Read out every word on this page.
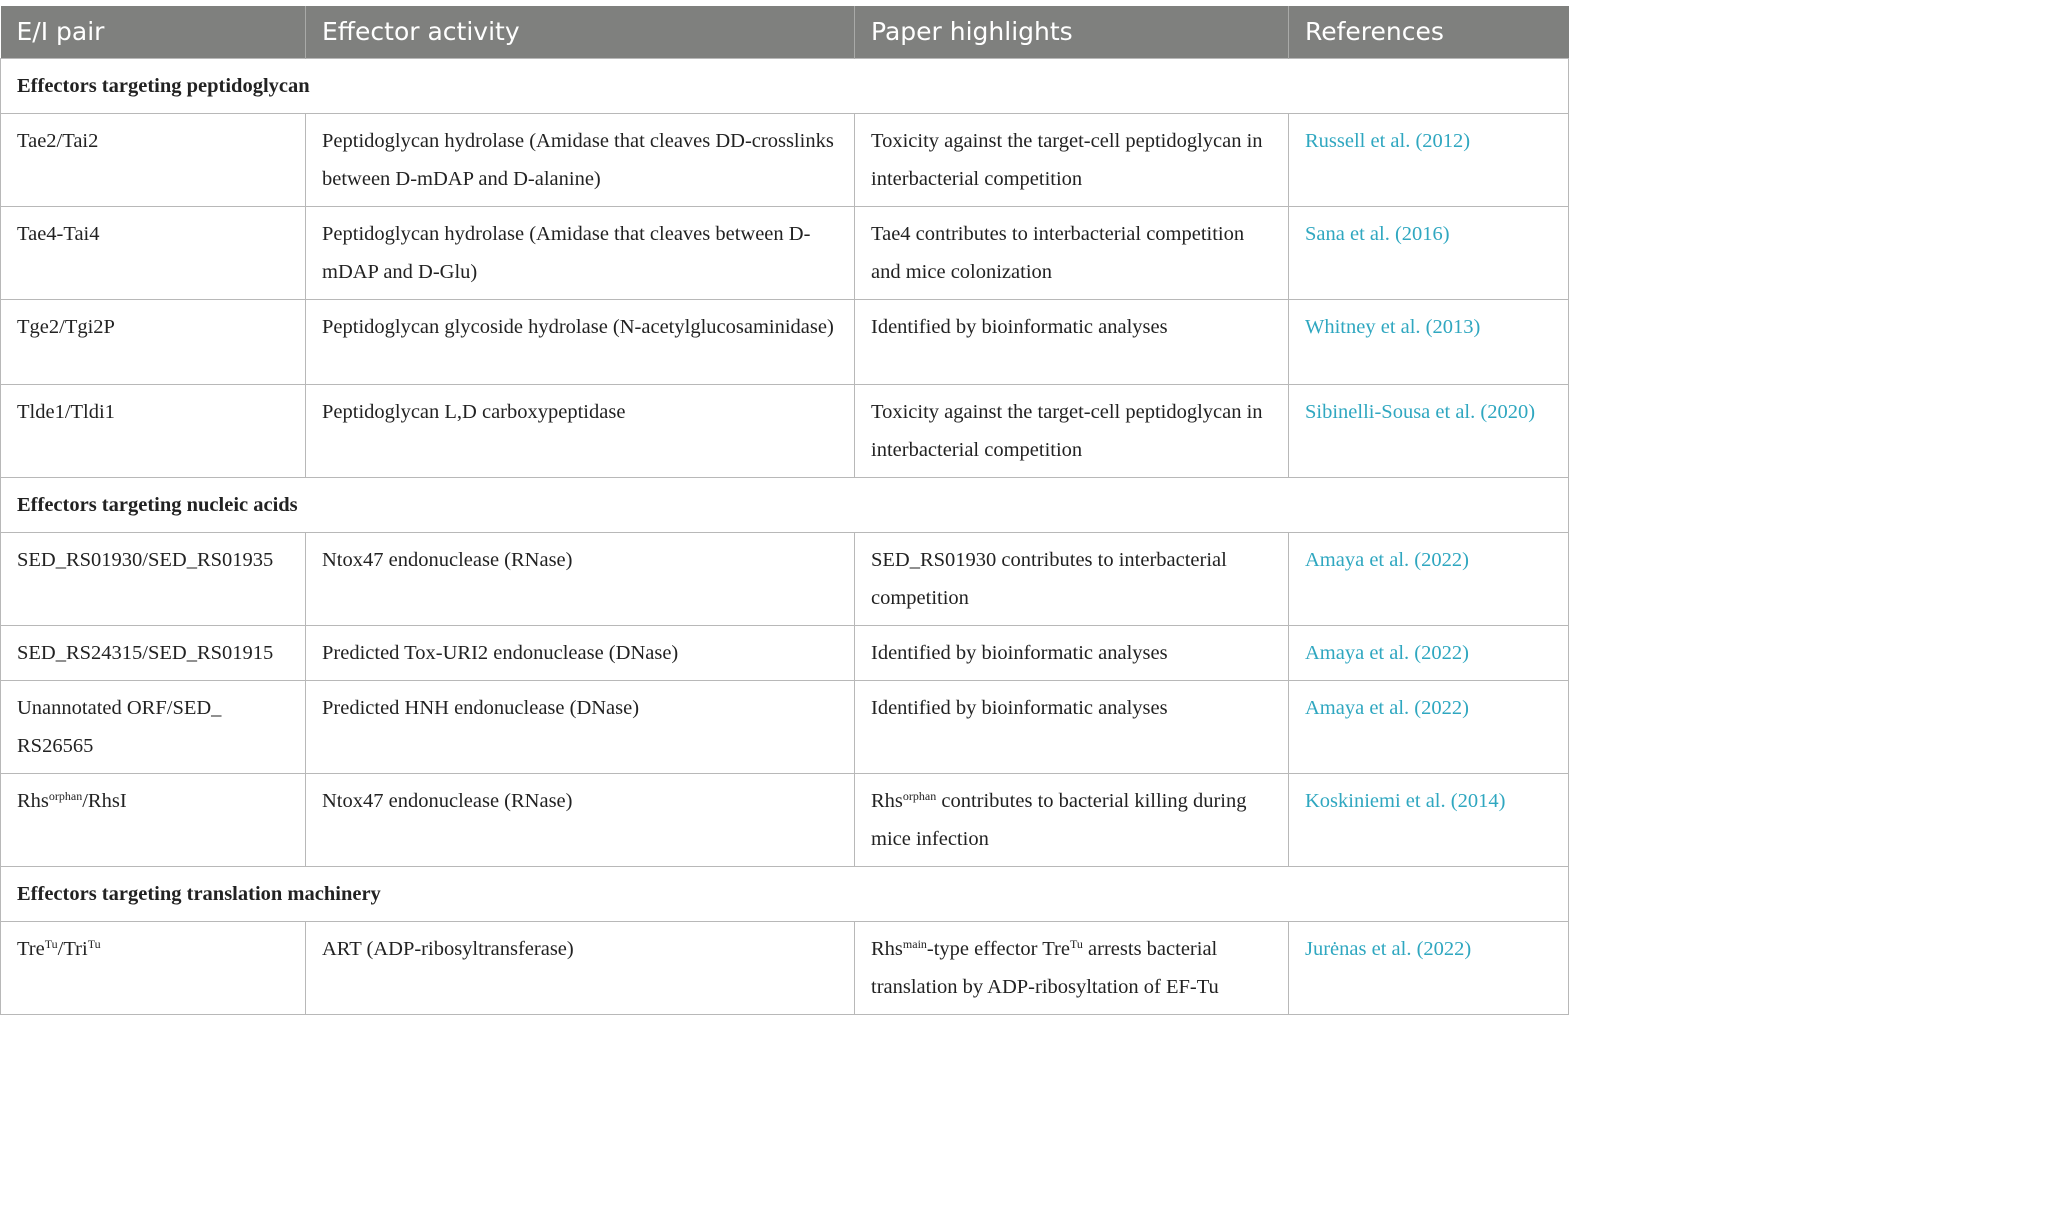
E/I pair	Effector activity	Paper highlights	References
Effectors targeting peptidoglycan			
Tae2/Tai2	Peptidoglycan hydrolase (Amidase that cleaves DD-crosslinks between D-mDAP and D-alanine)	Toxicity against the target-cell peptidoglycan in interbacterial competition	Russell et al. (2012)
Tae4-Tai4	Peptidoglycan hydrolase (Amidase that cleaves between D-mDAP and D-Glu)	Tae4 contributes to interbacterial competition and mice colonization	Sana et al. (2016)
Tge2/Tgi2P	Peptidoglycan glycoside hydrolase (N-acetylglucosaminidase)	Identified by bioinformatic analyses	Whitney et al. (2013)
Tlde1/Tldi1	Peptidoglycan L,D carboxypeptidase	Toxicity against the target-cell peptidoglycan in interbacterial competition	Sibinelli-Sousa et al. (2020)
Effectors targeting nucleic acids			
SED_RS01930/SED_RS01935	Ntox47 endonuclease (RNase)	SED_RS01930 contributes to interbacterial competition	Amaya et al. (2022)
SED_RS24315/SED_RS01915	Predicted Tox-URI2 endonuclease (DNase)	Identified by bioinformatic analyses	Amaya et al. (2022)
Unannotated ORF/SED_ RS26565	Predicted HNH endonuclease (DNase)	Identified by bioinformatic analyses	Amaya et al. (2022)
Rhs$^{orphan}$/RhsI	Ntox47 endonuclease (RNase)	Rhs$^{orphan}$ contributes to bacterial killing during mice infection	Koskiniemi et al. (2014)
Effectors targeting translation machinery			
Tre$^{Tu}$/Tri$^{Tu}$	ART (ADP-ribosyltransferase)	Rhs$^{main}$-type effector Tre$^{Tu}$ arrests bacterial translation by ADP-ribosyltation of EF-Tu	Jurėnas et al. (2022)
